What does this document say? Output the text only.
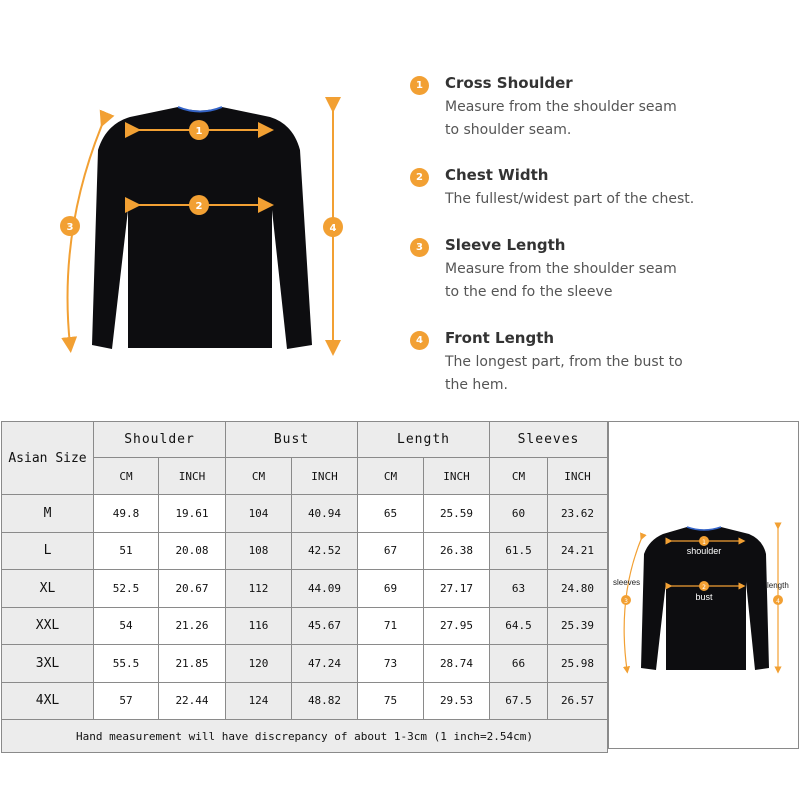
1
2
3	4
1	Cross Shoulder
Measure from the shoulder seam to shoulder seam.
2	Chest Width
The fullest/widest part of the chest.
3	Sleeve Length
Measure from the shoulder seam to the end fo the sleeve
4	Front Length
The longest part, from the bust to the hem.
Asian Size	Shoulder		Bust		Length		Sleeves	
	CM	INCH	CM	INCH	CM	INCH	CM	INCH
M	49.8	19.61	104	40.94	65	25.59	60	23.62
L	51	20.08	108	42.52	67	26.38	61.5	24.21
XL	52.5	20.67	112	44.09	69	27.17	63	24.80
XXL	54	21.26	116	45.67	71	27.95	64.5	25.39
3XL	55.5	21.85	120	47.24	73	28.74	66	25.98
4XL	57	22.44	124	48.82	75	29.53	67.5	26.57
Hand measurement will have discrepancy of about 1-3cm (1 inch=2.54cm)								
1
2
3	4
shoulder
bust
sleeves	length
